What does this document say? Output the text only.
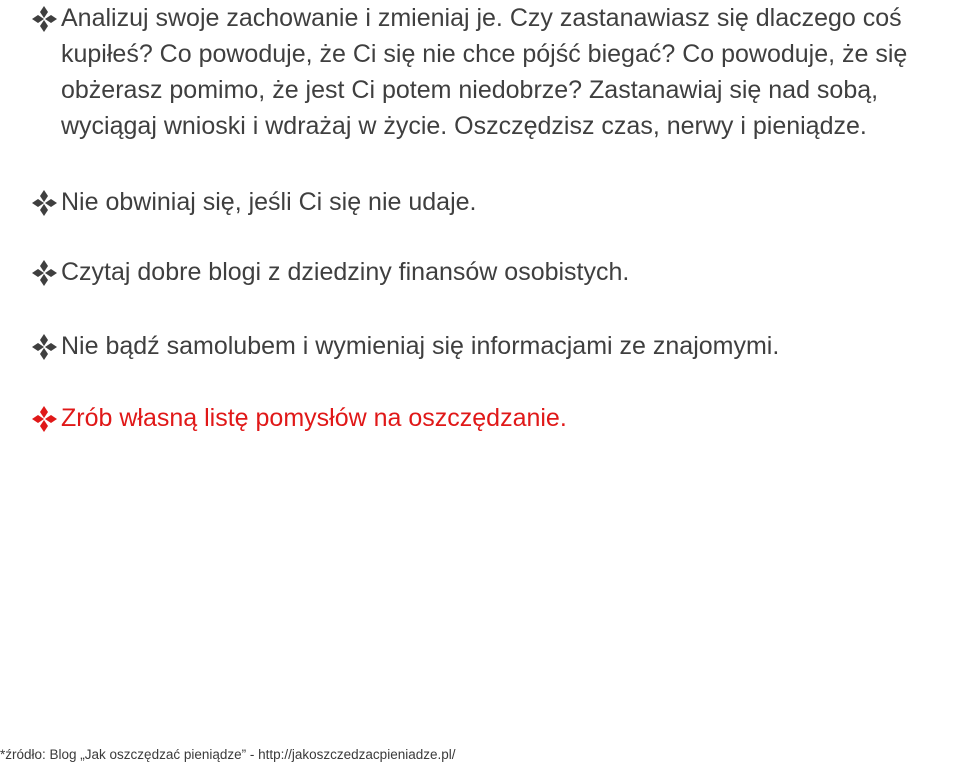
Analizuj swoje zachowanie i zmieniaj je. Czy zastanawiasz się dlaczego coś kupiłeś? Co powoduje, że Ci się nie chce pójść biegać? Co powoduje, że się obżerasz pomimo, że jest Ci potem niedobrze? Zastanawiaj się nad sobą, wyciągaj wnioski i wdrażaj w życie. Oszczędzisz czas, nerwy i pieniądze.
Nie obwiniaj się, jeśli Ci się nie udaje.
Czytaj dobre blogi z dziedziny finansów osobistych.
Nie bądź samolubem i wymieniaj się informacjami ze znajomymi.
Zrób własną listę pomysłów na oszczędzanie.
*źródło: Blog „Jak oszczędzać pieniądze” - http://jakoszczedzacpieniadze.pl/
